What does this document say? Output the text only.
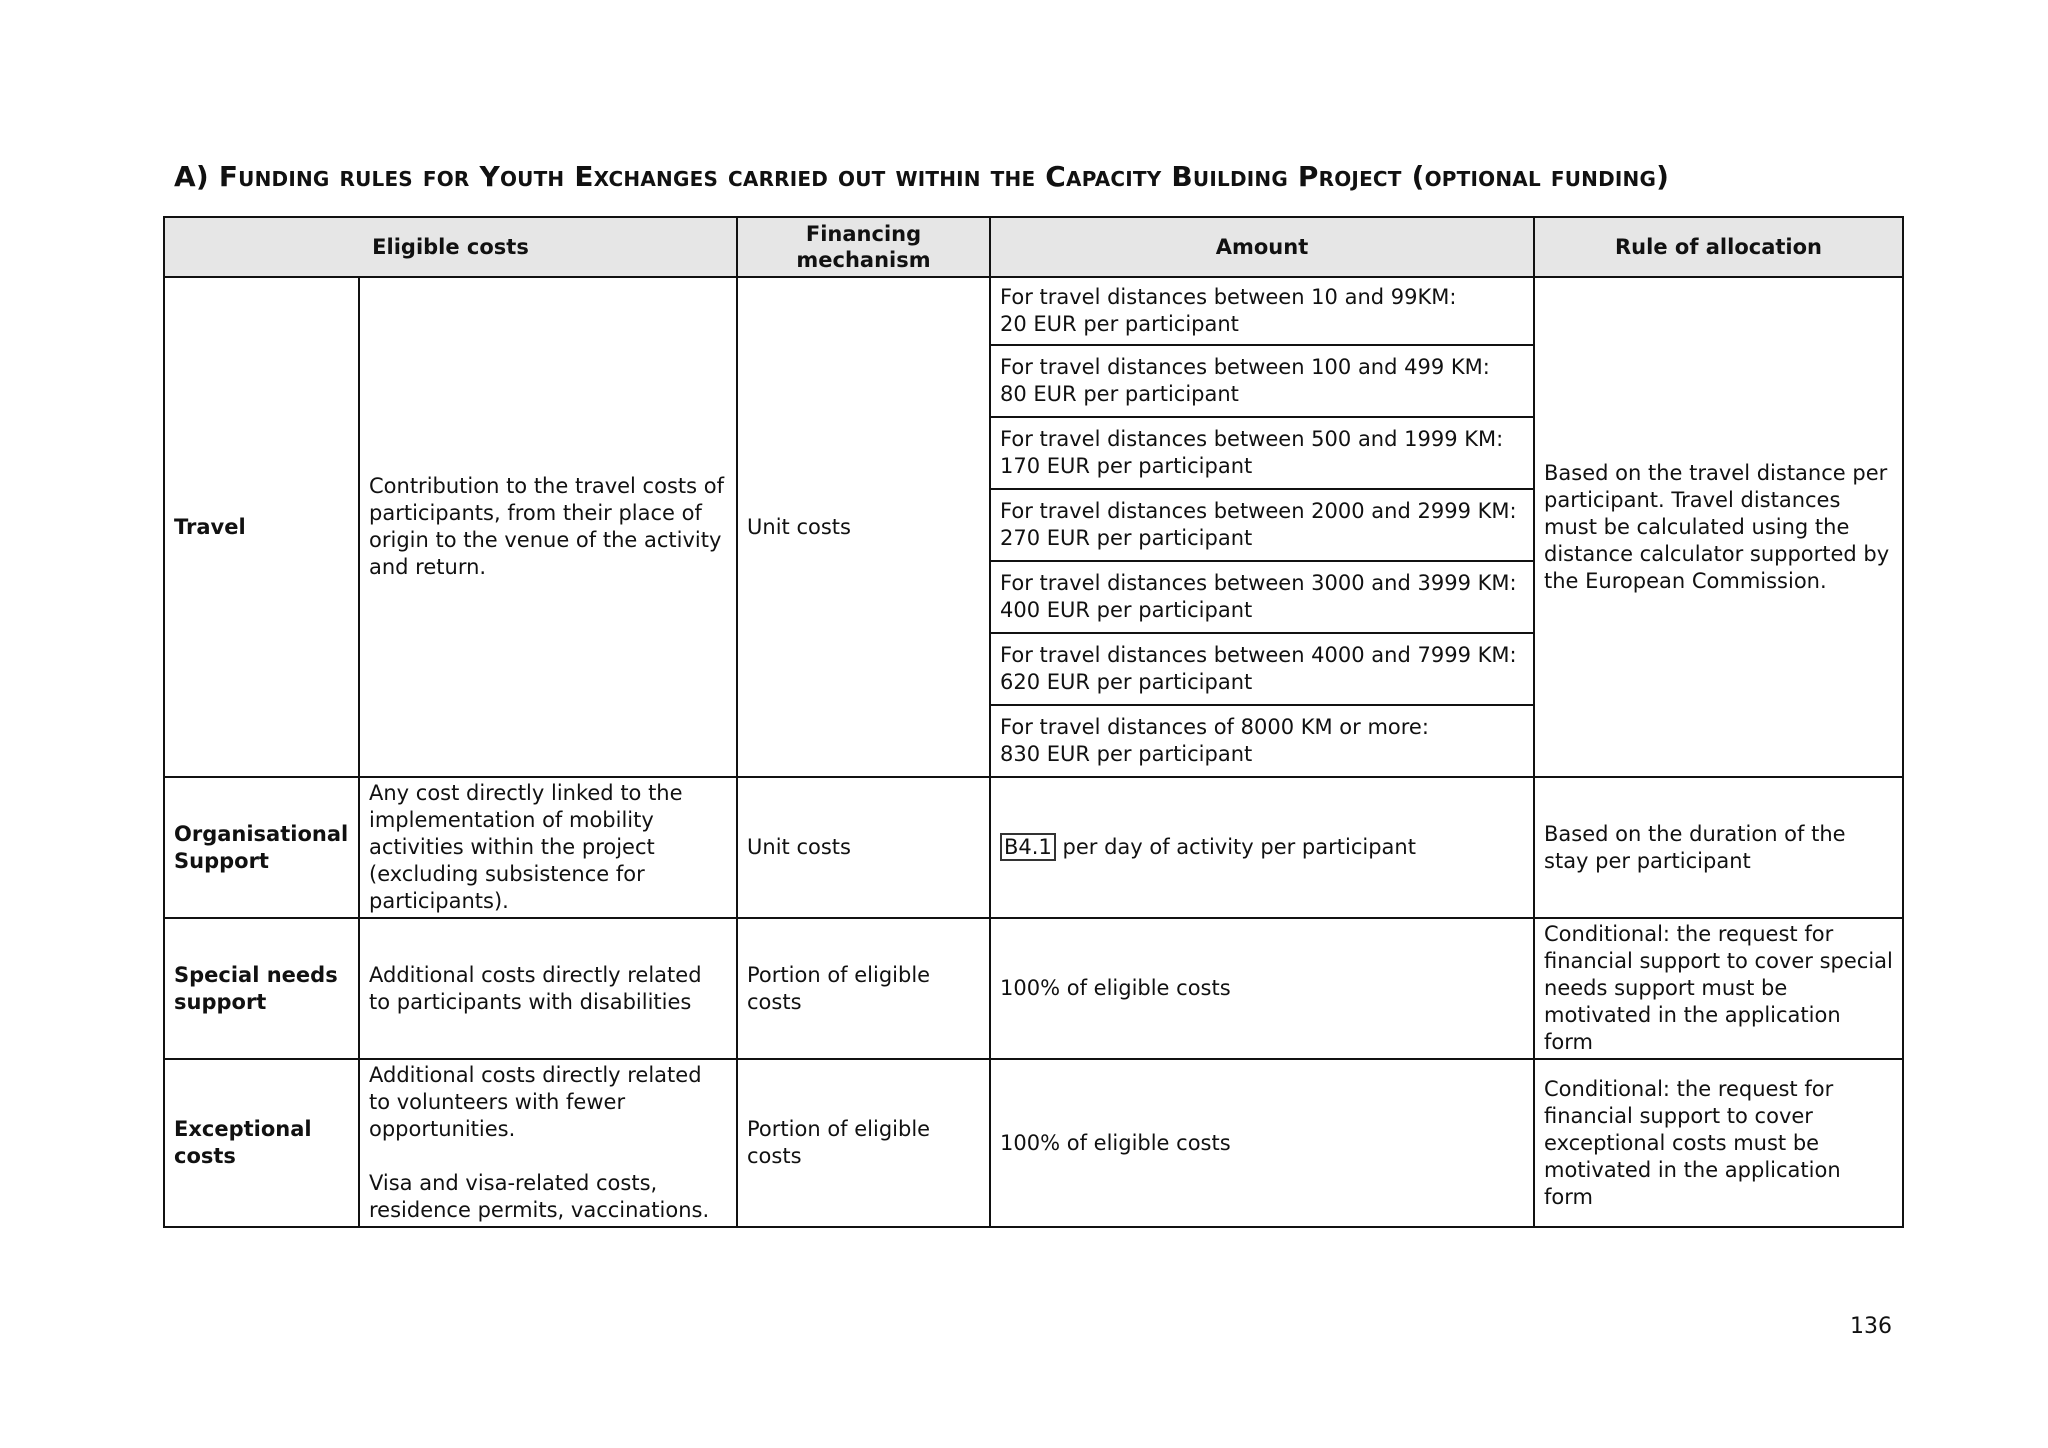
A) Funding rules for Youth Exchanges carried out within the Capacity Building Project (optional funding)
Eligible costs		Financing mechanism	Amount	Rule of allocation
Travel	Contribution to the travel costs of participants, from their place of origin to the venue of the activity and return.	Unit costs	For travel distances between 10 and 99KM:
20 EUR per participant	Based on the travel distance per participant. Travel distances must be calculated using the distance calculator supported by the European Commission.

			For travel distances between 100 and 499 KM:
80 EUR per participant	

			For travel distances between 500 and 1999 KM:
170 EUR per participant	

			For travel distances between 2000 and 2999 KM:
270 EUR per participant	

			For travel distances between 3000 and 3999 KM:
400 EUR per participant	

			For travel distances between 4000 and 7999 KM:
620 EUR per participant	

			For travel distances of 8000 KM or more:
830 EUR per participant	

Organisational Support	Any cost directly linked to the implementation of mobility activities within the project (excluding subsistence for participants).	Unit costs	B4.1 per day of activity per participant	Based on the duration of the stay per participant
Special needs support	Additional costs directly related to participants with disabilities	Portion of eligible costs	100% of eligible costs	Conditional: the request for financial support to cover special needs support must be motivated in the application form
Exceptional costs	Additional costs directly related to volunteers with fewer opportunities.
Visa and visa-related costs, residence permits, vaccinations.	Portion of eligible costs	100% of eligible costs	Conditional: the request for financial support to cover exceptional costs must be motivated in the application form
136
